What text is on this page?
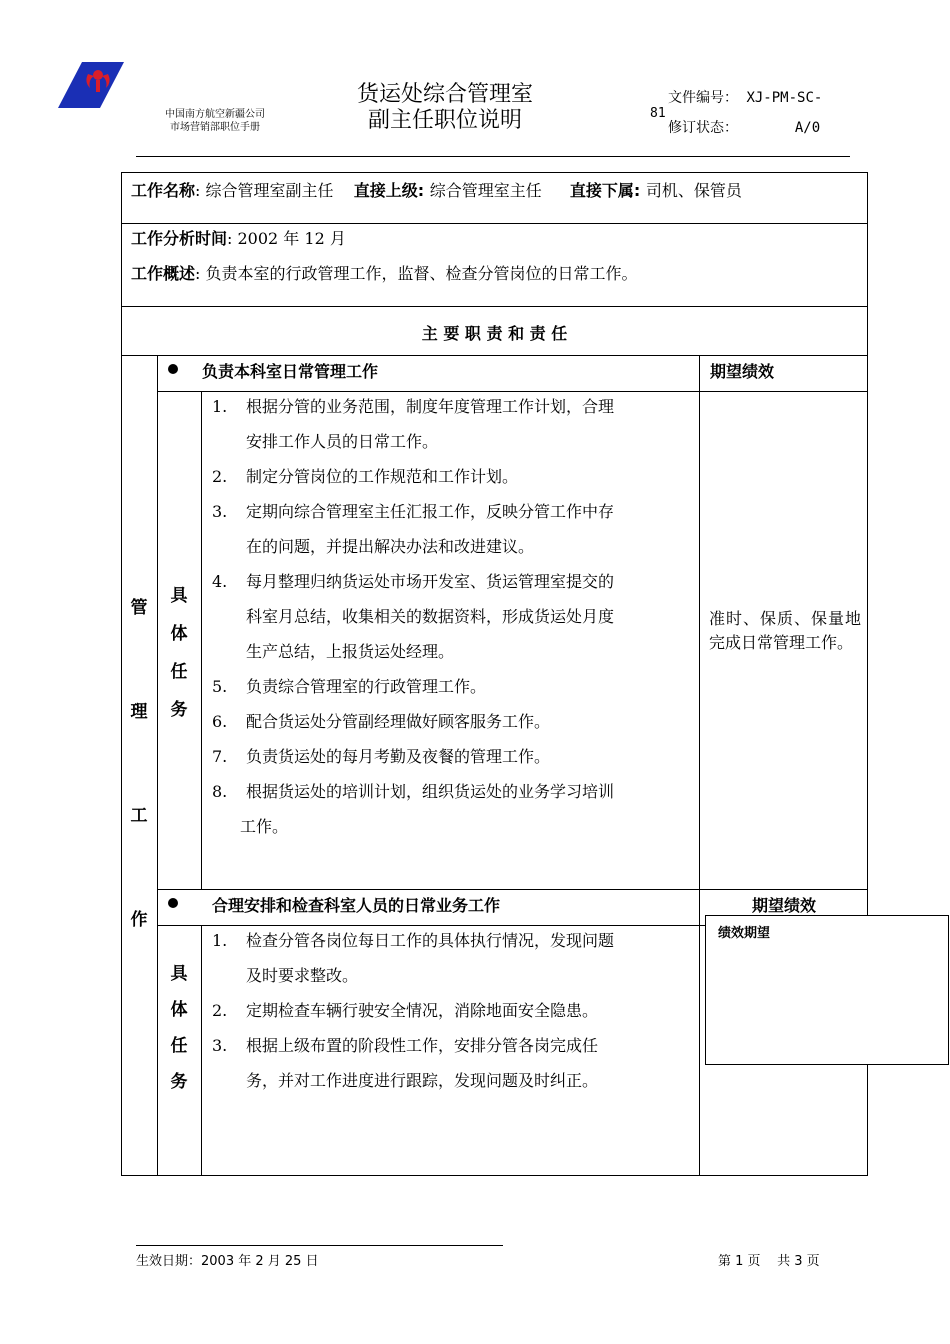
中国南方航空新疆公司
市场营销部职位手册
货运处综合管理室
副主任职位说明
文件编号： XJ-PM-SC-
81
修订状态：	A/0
工作名称: 综合管理室副主任 直接上级: 综合管理室主任 直接下属: 司机、保管员
工作分析时间: 2002 年 12 月
工作概述: 负责本室的行政管理工作，监督、检查分管岗位的日常工作。
主 要 职 责 和 责 任
管
理
工
作
负责本科室日常管理工作	期望绩效
具
体
任
务
1. 根据分管的业务范围，制度年度管理工作计划，合理
安排工作人员的日常工作。
2. 制定分管岗位的工作规范和工作计划。
3. 定期向综合管理室主任汇报工作，反映分管工作中存
在的问题，并提出解决办法和改进建议。
4. 每月整理归纳货运处市场开发室、货运管理室提交的
科室月总结，收集相关的数据资料，形成货运处月度
生产总结，上报货运处经理。
5. 负责综合管理室的行政管理工作。
6. 配合货运处分管副经理做好顾客服务工作。
7. 负责货运处的每月考勤及夜餐的管理工作。
8. 根据货运处的培训计划，组织货运处的业务学习培训
工作。
准时、保质、保量地完成日常管理工作。
合理安排和检查科室人员的日常业务工作	期望绩效
具
体
任
务
1. 检查分管各岗位每日工作的具体执行情况，发现问题
及时要求整改。
2. 定期检查车辆行驶安全情况，消除地面安全隐患。
3. 根据上级布置的阶段性工作，安排分管各岗完成任
务，并对工作进度进行跟踪，发现问题及时纠正。
绩效期望
生效日期：2003 年 2 月 25 日	第 1 页    共 3 页
